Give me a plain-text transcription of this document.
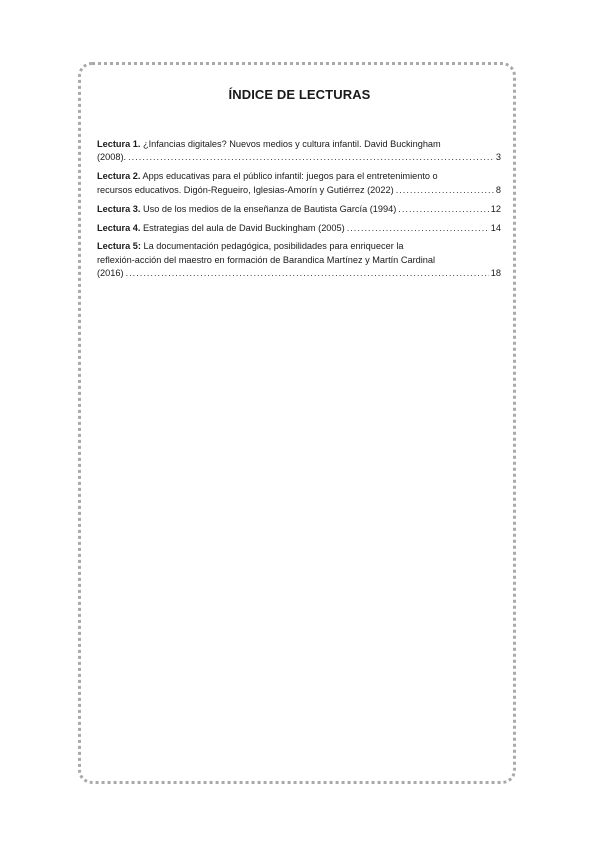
ÍNDICE DE LECTURAS
Lectura 1. ¿Infancias digitales? Nuevos medios y cultura infantil. David Buckingham
(2008). .....	3
Lectura 2. Apps educativas para el público infantil: juegos para el entretenimiento o
recursos educativos. Digón-Regueiro, Iglesias-Amorín y Gutiérrez (2022) .....	8
Lectura 3. Uso de los medios de la enseñanza de Bautista García (1994) .....	12
Lectura 4. Estrategias del aula de David Buckingham (2005) .....	14
Lectura 5: La documentación pedagógica, posibilidades para enriquecer la
reflexión-acción del maestro en formación de Barandica Martínez y Martín Cardinal
(2016) .....	18
